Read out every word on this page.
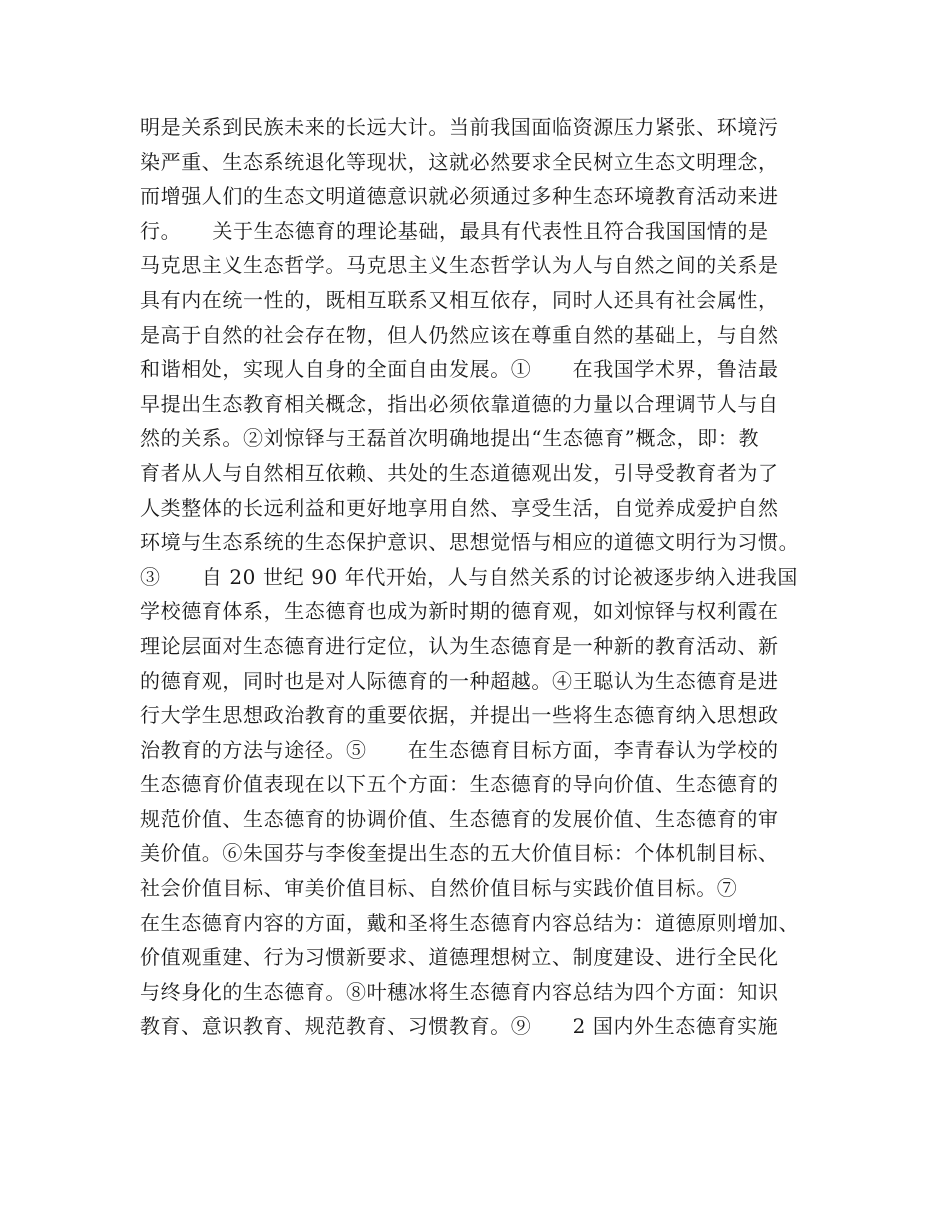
明是关系到民族未来的长远大计。当前我国面临资源压力紧张、环境污
染严重、生态系统退化等现状，这就必然要求全民树立生态文明理念，
而增强人们的生态文明道德意识就必须通过多种生态环境教育活动来进
行。　　关于生态德育的理论基础，最具有代表性且符合我国国情的是
马克思主义生态哲学。马克思主义生态哲学认为人与自然之间的关系是
具有内在统一性的，既相互联系又相互依存，同时人还具有社会属性，
是高于自然的社会存在物，但人仍然应该在尊重自然的基础上，与自然
和谐相处，实现人自身的全面自由发展。①　　在我国学术界，鲁洁最
早提出生态教育相关概念，指出必须依靠道德的力量以合理调节人与自
然的关系。②刘惊铎与王磊首次明确地提出“生态德育”概念，即：教
育者从人与自然相互依赖、共处的生态道德观出发，引导受教育者为了
人类整体的长远利益和更好地享用自然、享受生活，自觉养成爱护自然
环境与生态系统的生态保护意识、思想觉悟与相应的道德文明行为习惯。
③　　自 20 世纪 90 年代开始，人与自然关系的讨论被逐步纳入进我国
学校德育体系，生态德育也成为新时期的德育观，如刘惊铎与权利霞在
理论层面对生态德育进行定位，认为生态德育是一种新的教育活动、新
的德育观，同时也是对人际德育的一种超越。④王聪认为生态德育是进
行大学生思想政治教育的重要依据，并提出一些将生态德育纳入思想政
治教育的方法与途径。⑤　　在生态德育目标方面，李青春认为学校的
生态德育价值表现在以下五个方面：生态德育的导向价值、生态德育的
规范价值、生态德育的协调价值、生态德育的发展价值、生态德育的审
美价值。⑥朱国芬与李俊奎提出生态的五大价值目标：个体机制目标、
社会价值目标、审美价值目标、自然价值目标与实践价值目标。⑦
在生态德育内容的方面，戴和圣将生态德育内容总结为：道德原则增加、
价值观重建、行为习惯新要求、道德理想树立、制度建设、进行全民化
与终身化的生态德育。⑧叶穗冰将生态德育内容总结为四个方面：知识
教育、意识教育、规范教育、习惯教育。⑨　　2 国内外生态德育实施
